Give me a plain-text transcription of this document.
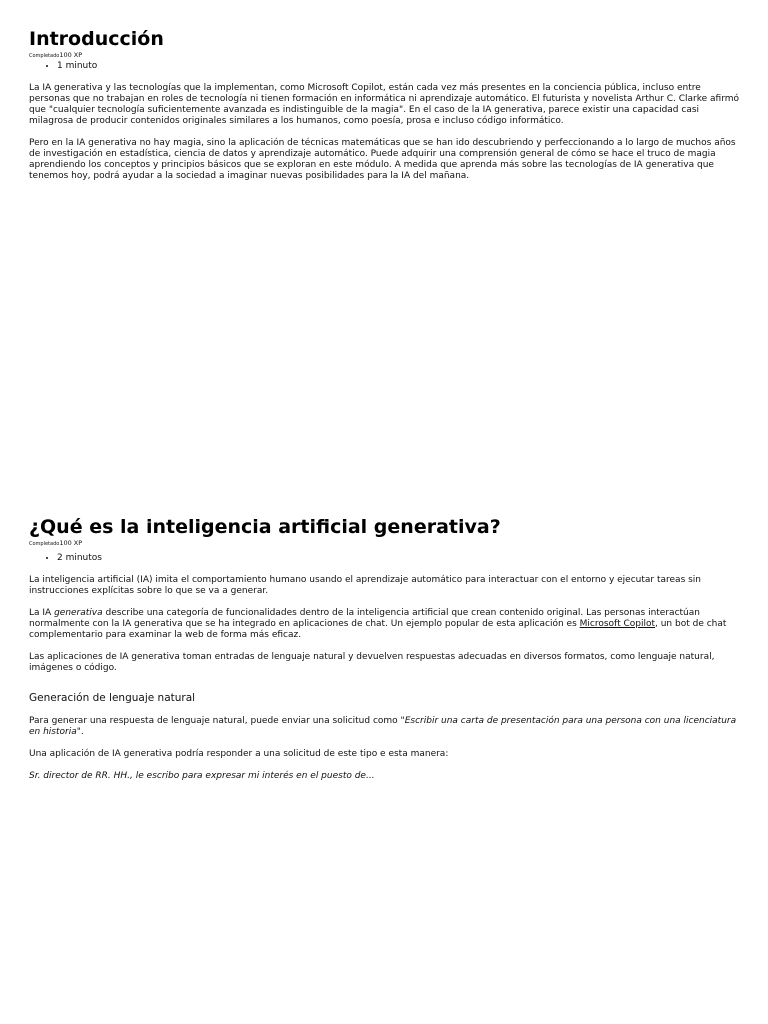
Introducción
Completado100 XP
• 1 minuto

La IA generativa y las tecnologías que la implementan, como Microsoft Copilot, están cada vez más presentes en la conciencia pública, incluso entre personas que no trabajan en roles de tecnología ni tienen formación en informática ni aprendizaje automático. El futurista y novelista Arthur C. Clarke afirmó que "cualquier tecnología suficientemente avanzada es indistinguible de la magia". En el caso de la IA generativa, parece existir una capacidad casi milagrosa de producir contenidos originales similares a los humanos, como poesía, prosa e incluso código informático.

Pero en la IA generativa no hay magia, sino la aplicación de técnicas matemáticas que se han ido descubriendo y perfeccionando a lo largo de muchos años de investigación en estadística, ciencia de datos y aprendizaje automático. Puede adquirir una comprensión general de cómo se hace el truco de magia aprendiendo los conceptos y principios básicos que se exploran en este módulo. A medida que aprenda más sobre las tecnologías de IA generativa que tenemos hoy, podrá ayudar a la sociedad a imaginar nuevas posibilidades para la IA del mañana.

¿Qué es la inteligencia artificial generativa?
Completado100 XP
• 2 minutos

La inteligencia artificial (IA) imita el comportamiento humano usando el aprendizaje automático para interactuar con el entorno y ejecutar tareas sin instrucciones explícitas sobre lo que se va a generar.

La IA generativa describe una categoría de funcionalidades dentro de la inteligencia artificial que crean contenido original. Las personas interactúan normalmente con la IA generativa que se ha integrado en aplicaciones de chat. Un ejemplo popular de esta aplicación es Microsoft Copilot, un bot de chat complementario para examinar la web de forma más eficaz.

Las aplicaciones de IA generativa toman entradas de lenguaje natural y devuelven respuestas adecuadas en diversos formatos, como lenguaje natural, imágenes o código.

Generación de lenguaje natural

Para generar una respuesta de lenguaje natural, puede enviar una solicitud como "Escribir una carta de presentación para una persona con una licenciatura en historia".

Una aplicación de IA generativa podría responder a una solicitud de este tipo e esta manera:

Sr. director de RR. HH., le escribo para expresar mi interés en el puesto de...
